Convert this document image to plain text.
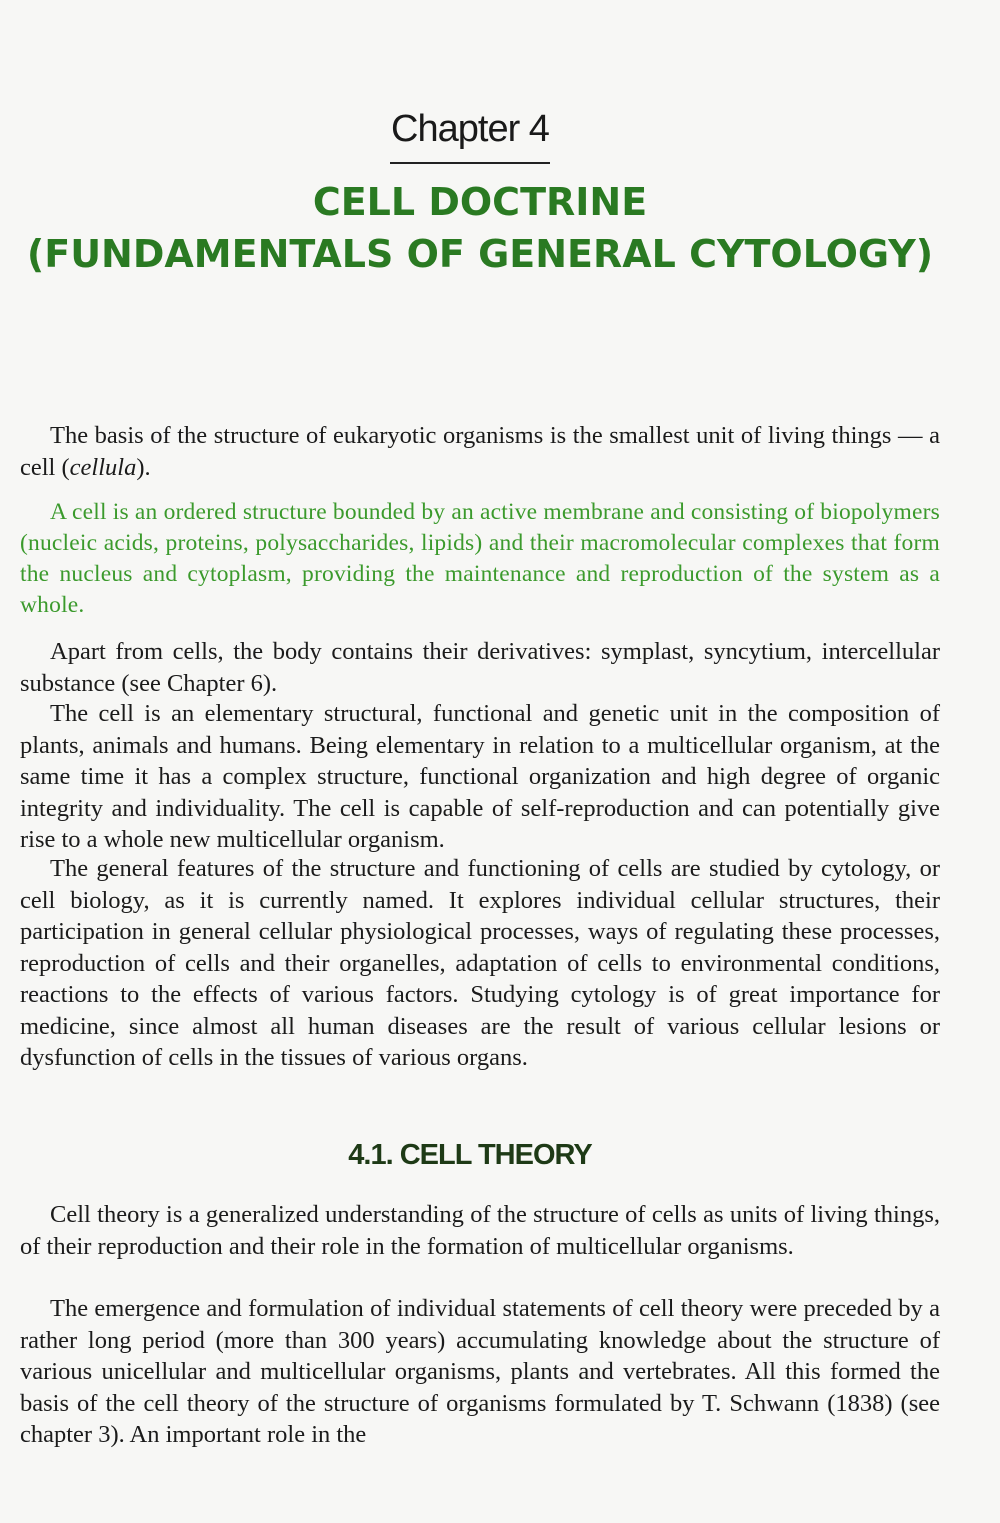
Chapter 4
CELL DOCTRINE
(FUNDAMENTALS OF GENERAL CYTOLOGY)

The basis of the structure of eukaryotic organisms is the smallest unit of living things — a cell (cellula).

A cell is an ordered structure bounded by an active membrane and consisting of biopolymers (nucleic acids, proteins, polysaccharides, lipids) and their macromolecular complexes that form the nucleus and cytoplasm, providing the maintenance and reproduction of the system as a whole.

Apart from cells, the body contains their derivatives: symplast, syncytium, intercellular substance (see Chapter 6).

The cell is an elementary structural, functional and genetic unit in the composition of plants, animals and humans. Being elementary in relation to a multicellular organism, at the same time it has a complex structure, functional organization and high degree of organic integrity and individuality. The cell is capable of self-reproduction and can potentially give rise to a whole new multicellular organism.

The general features of the structure and functioning of cells are studied by cytology, or cell biology, as it is currently named. It explores individual cellular structures, their participation in general cellular physiological processes, ways of regulating these processes, reproduction of cells and their organelles, adaptation of cells to environmental conditions, reactions to the effects of various factors. Studying cytology is of great importance for medicine, since almost all human diseases are the result of various cellular lesions or dysfunction of cells in the tissues of various organs.

4.1. CELL THEORY

Cell theory is a generalized understanding of the structure of cells as units of living things, of their reproduction and their role in the formation of multicellular organisms.

The emergence and formulation of individual statements of cell theory were preceded by a rather long period (more than 300 years) accumulating knowledge about the structure of various unicellular and multicellular organisms, plants and vertebrates. All this formed the basis of the cell theory of the structure of organisms formulated by T. Schwann (1838) (see chapter 3). An important role in the
